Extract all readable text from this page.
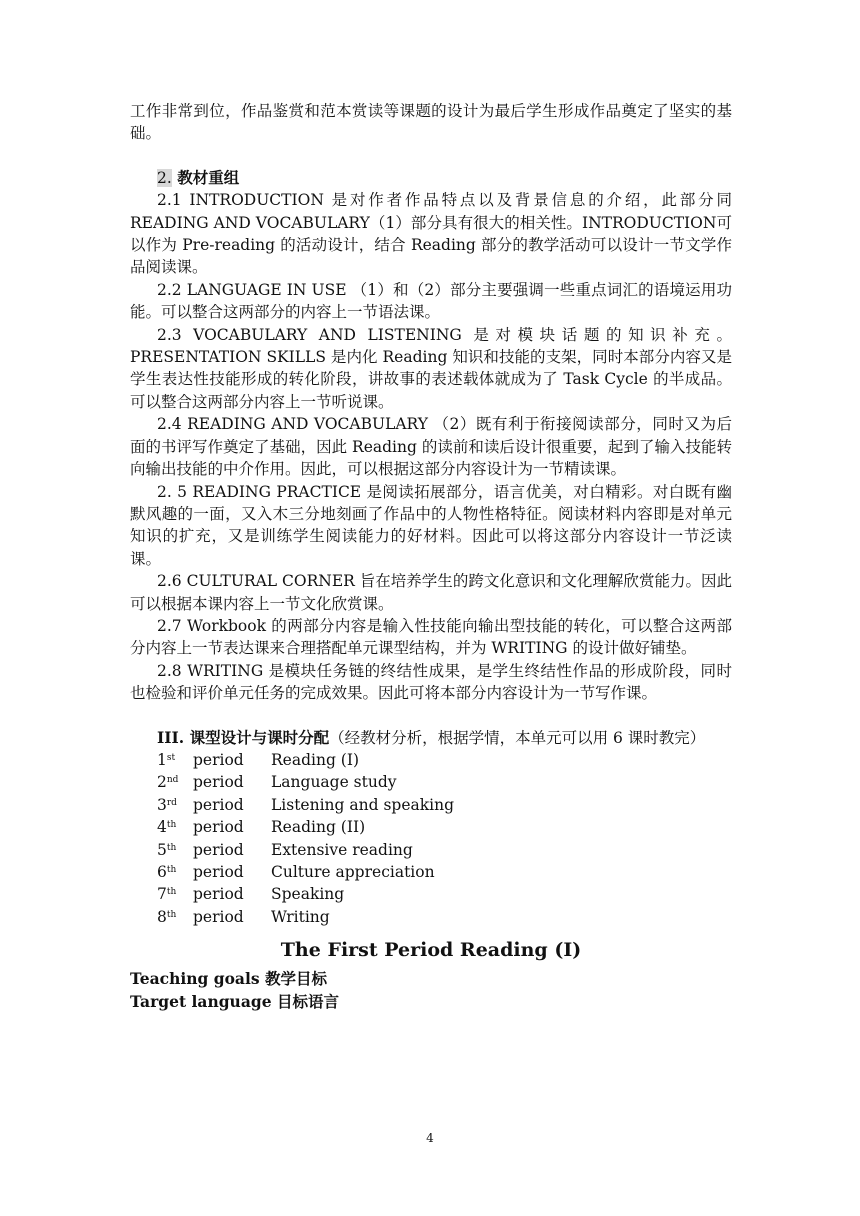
工作非常到位，作品鉴赏和范本赏读等课题的设计为最后学生形成作品奠定了坚实的基础。

2. 教材重组

2.1 INTRODUCTION 是对作者作品特点以及背景信息的介绍，此部分同READING AND VOCABULARY（1）部分具有很大的相关性。INTRODUCTION可以作为 Pre-reading 的活动设计，结合 Reading 部分的教学活动可以设计一节文学作品阅读课。

2.2 LANGUAGE IN USE （1）和（2）部分主要强调一些重点词汇的语境运用功能。可以整合这两部分的内容上一节语法课。

2.3 VOCABULARY AND LISTENING 是对模块话题的知识补充。PRESENTATION SKILLS 是内化 Reading 知识和技能的支架，同时本部分内容又是学生表达性技能形成的转化阶段，讲故事的表述载体就成为了 Task Cycle 的半成品。可以整合这两部分内容上一节听说课。

2.4 READING AND VOCABULARY （2）既有利于衔接阅读部分，同时又为后面的书评写作奠定了基础，因此 Reading 的读前和读后设计很重要，起到了输入技能转向输出技能的中介作用。因此，可以根据这部分内容设计为一节精读课。

2. 5 READING PRACTICE 是阅读拓展部分，语言优美，对白精彩。对白既有幽默风趣的一面，又入木三分地刻画了作品中的人物性格特征。阅读材料内容即是对单元知识的扩充，又是训练学生阅读能力的好材料。因此可以将这部分内容设计一节泛读课。

2.6 CULTURAL CORNER 旨在培养学生的跨文化意识和文化理解欣赏能力。因此可以根据本课内容上一节文化欣赏课。

2.7 Workbook 的两部分内容是输入性技能向输出型技能的转化，可以整合这两部分内容上一节表达课来合理搭配单元课型结构，并为 WRITING 的设计做好铺垫。

2.8 WRITING 是模块任务链的终结性成果，是学生终结性作品的形成阶段，同时也检验和评价单元任务的完成效果。因此可将本部分内容设计为一节写作课。

III. 课型设计与课时分配（经教材分析，根据学情，本单元可以用 6 课时教完）

1st	period	Reading (I)
2nd period	Language study
3rd	period	Listening and speaking
4th	period	Reading (II)
5th	period	Extensive reading
6th	period	Culture appreciation
7th	period	Speaking
8th	period	Writing
The First Period Reading (I)
Teaching goals 教学目标
Target language 目标语言
4
